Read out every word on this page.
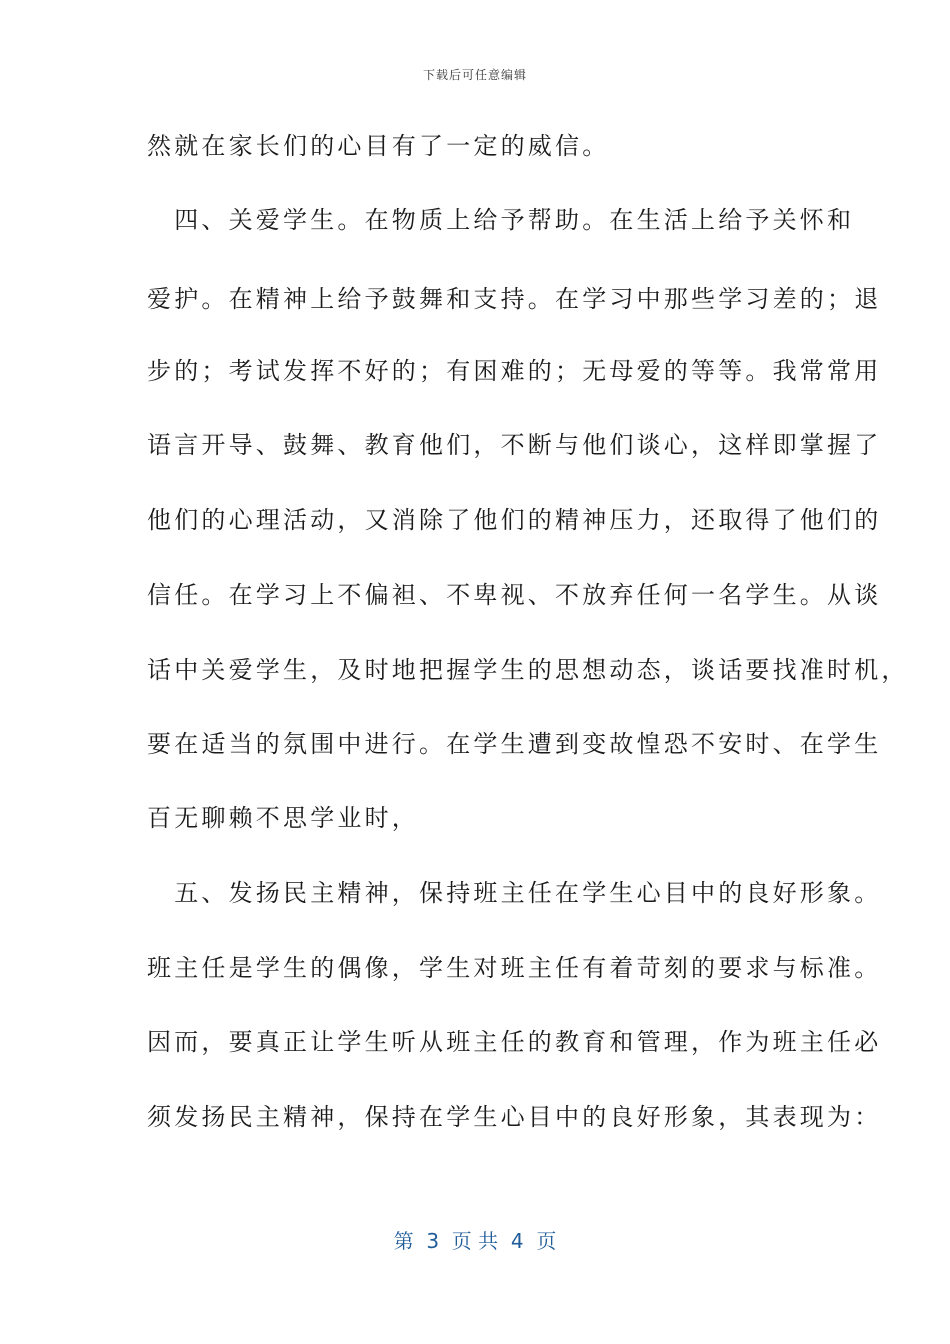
下载后可任意编辑
然就在家长们的心目有了一定的威信。
　四、关爱学生。在物质上给予帮助。在生活上给予关怀和
爱护。在精神上给予鼓舞和支持。在学习中那些学习差的；退
步的；考试发挥不好的；有困难的；无母爱的等等。我常常用
语言开导、鼓舞、教育他们，不断与他们谈心，这样即掌握了
他们的心理活动，又消除了他们的精神压力，还取得了他们的
信任。在学习上不偏袒、不卑视、不放弃任何一名学生。从谈
话中关爱学生，及时地把握学生的思想动态，谈话要找准时机，
要在适当的氛围中进行。在学生遭到变故惶恐不安时、在学生
百无聊赖不思学业时，
　五、发扬民主精神，保持班主任在学生心目中的良好形象。
班主任是学生的偶像，学生对班主任有着苛刻的要求与标准。
因而，要真正让学生听从班主任的教育和管理，作为班主任必
须发扬民主精神，保持在学生心目中的良好形象，其表现为：
第  3  页 共  4  页
